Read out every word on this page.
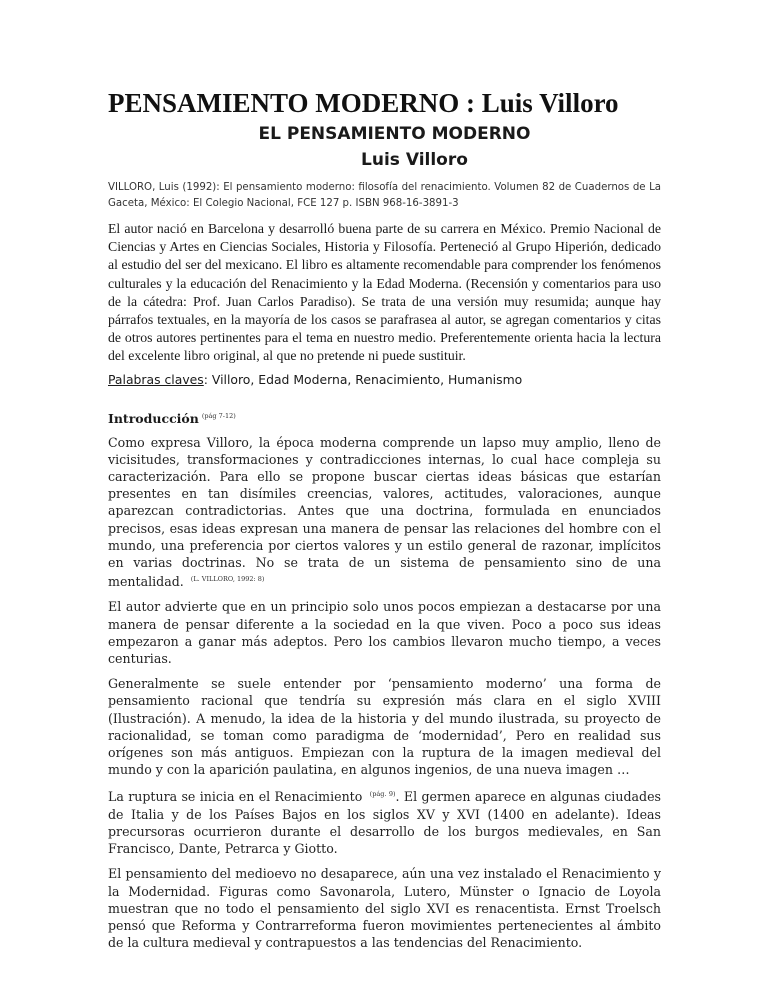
PENSAMIENTO MODERNO : Luis Villoro

EL PENSAMIENTO MODERNO

Luis Villoro

VILLORO, Luis (1992): El pensamiento moderno: filosofía del renacimiento. Volumen 82 de Cuadernos de La Gaceta, México: El Colegio Nacional, FCE 127 p. ISBN 968-16-3891-3

El autor nació en Barcelona y desarrolló buena parte de su carrera en México. Premio Nacional de Ciencias y Artes en Ciencias Sociales, Historia y Filosofía. Perteneció al Grupo Hiperión, dedicado al estudio del ser del mexicano. El libro es altamente recomendable para comprender los fenómenos culturales y la educación del Renacimiento y la Edad Moderna. (Recensión y comentarios para uso de la cátedra: Prof. Juan Carlos Paradiso). Se trata de una versión muy resumida; aunque hay párrafos textuales, en la mayoría de los casos se parafrasea al autor, se agregan comentarios y citas de otros autores pertinentes para el tema en nuestro medio. Preferentemente orienta hacia la lectura del excelente libro original, al que no pretende ni puede sustituir.

Palabras claves: Villoro, Edad Moderna, Renacimiento, Humanismo

Introducción $^{(pág 7-12)}$

Como expresa Villoro, la época moderna comprende un lapso muy amplio, lleno de vicisitudes, transformaciones y contradicciones internas, lo cual hace compleja su caracterización. Para ello se propone buscar ciertas ideas básicas que estarían presentes en tan disímiles creencias, valores, actitudes, valoraciones, aunque aparezcan contradictorias. Antes que una doctrina, formulada en enunciados precisos, esas ideas expresan una manera de pensar las relaciones del hombre con el mundo, una preferencia por ciertos valores y un estilo general de razonar, implícitos en varias doctrinas. No se trata de un sistema de pensamiento sino de una mentalidad. $^{(L. VILLORO, 1992: 8)}$

El autor advierte que en un principio solo unos pocos empiezan a destacarse por una manera de pensar diferente a la sociedad en la que viven. Poco a poco sus ideas empezaron a ganar más adeptos. Pero los cambios llevaron mucho tiempo, a veces centurias.

Generalmente se suele entender por ‘pensamiento moderno’ una forma de pensamiento racional que tendría su expresión más clara en el siglo XVIII (Ilustración). A menudo, la idea de la historia y del mundo ilustrada, su proyecto de racionalidad, se toman como paradigma de ‘modernidad’, Pero en realidad sus orígenes son más antiguos. Empiezan con la ruptura de la imagen medieval del mundo y con la aparición paulatina, en algunos ingenios, de una nueva imagen …

La ruptura se inicia en el Renacimiento $^{(pág. 9)}$. El germen aparece en algunas ciudades de Italia y de los Países Bajos en los siglos XV y XVI (1400 en adelante). Ideas precursoras ocurrieron durante el desarrollo de los burgos medievales, en San Francisco, Dante, Petrarca y Giotto.

El pensamiento del medioevo no desaparece, aún una vez instalado el Renacimiento y la Modernidad. Figuras como Savonarola, Lutero, Münster o Ignacio de Loyola muestran que no todo el pensamiento del siglo XVI es renacentista. Ernst Troelsch pensó que Reforma y Contrarreforma fueron movimientes pertenecientes al ámbito de la cultura medieval y contrapuestos a las tendencias del Renacimiento.
